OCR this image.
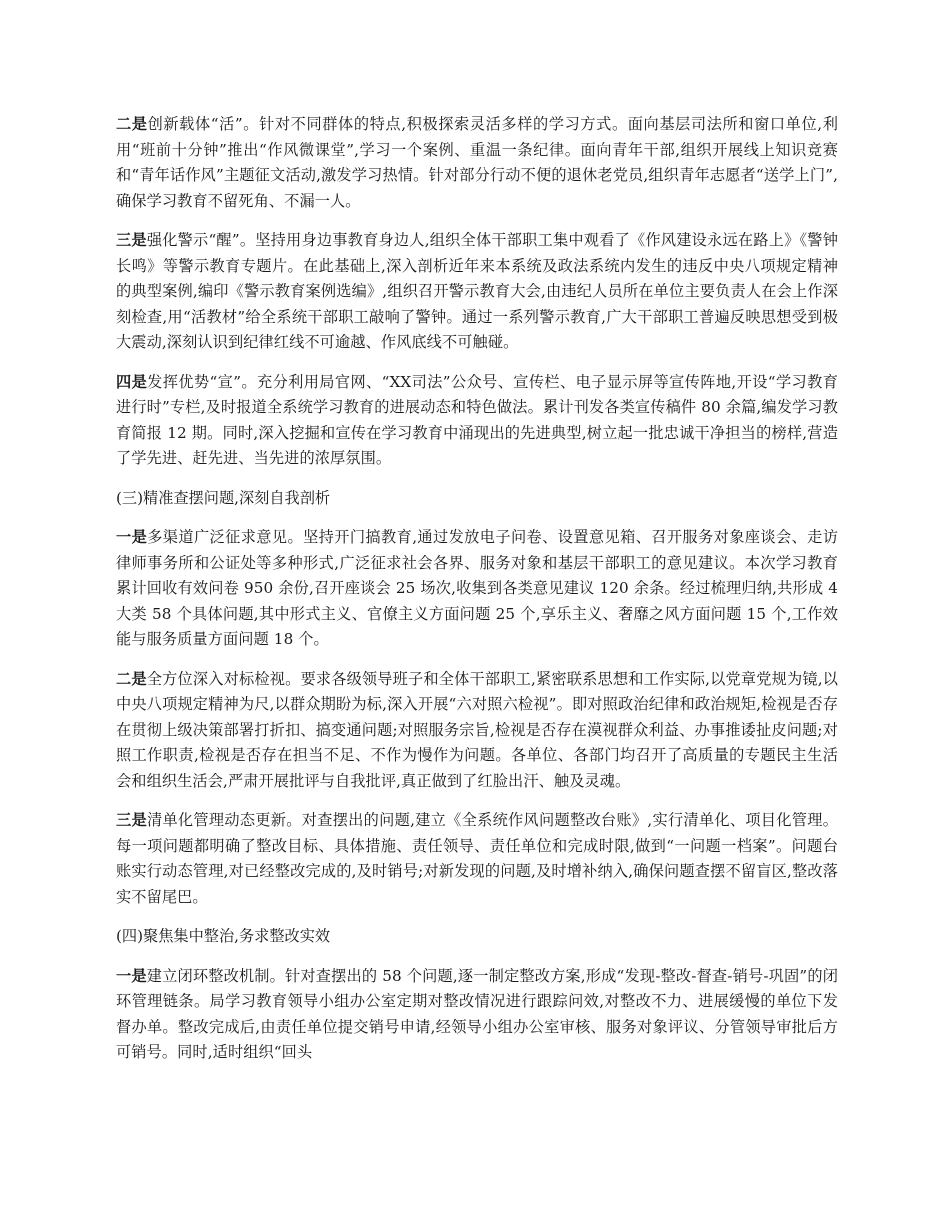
二是创新载体“活”。针对不同群体的特点,积极探索灵活多样的学习方式。面向基层司法所和窗口单位,利用“班前十分钟”推出“作风微课堂”,学习一个案例、重温一条纪律。面向青年干部,组织开展线上知识竞赛和“青年话作风”主题征文活动,激发学习热情。针对部分行动不便的退休老党员,组织青年志愿者“送学上门”,确保学习教育不留死角、不漏一人。

三是强化警示“醒”。坚持用身边事教育身边人,组织全体干部职工集中观看了《作风建设永远在路上》《警钟长鸣》等警示教育专题片。在此基础上,深入剖析近年来本系统及政法系统内发生的违反中央八项规定精神的典型案例,编印《警示教育案例选编》,组织召开警示教育大会,由违纪人员所在单位主要负责人在会上作深刻检查,用“活教材”给全系统干部职工敲响了警钟。通过一系列警示教育,广大干部职工普遍反映思想受到极大震动,深刻认识到纪律红线不可逾越、作风底线不可触碰。

四是发挥优势“宣”。充分利用局官网、“XX司法”公众号、宣传栏、电子显示屏等宣传阵地,开设“学习教育进行时”专栏,及时报道全系统学习教育的进展动态和特色做法。累计刊发各类宣传稿件 80 余篇,编发学习教育简报 12 期。同时,深入挖掘和宣传在学习教育中涌现出的先进典型,树立起一批忠诚干净担当的榜样,营造了学先进、赶先进、当先进的浓厚氛围。

(三)精准查摆问题,深刻自我剖析

一是多渠道广泛征求意见。坚持开门搞教育,通过发放电子问卷、设置意见箱、召开服务对象座谈会、走访律师事务所和公证处等多种形式,广泛征求社会各界、服务对象和基层干部职工的意见建议。本次学习教育累计回收有效问卷 950 余份,召开座谈会 25 场次,收集到各类意见建议 120 余条。经过梳理归纳,共形成 4 大类 58 个具体问题,其中形式主义、官僚主义方面问题 25 个,享乐主义、奢靡之风方面问题 15 个,工作效能与服务质量方面问题 18 个。

二是全方位深入对标检视。要求各级领导班子和全体干部职工,紧密联系思想和工作实际,以党章党规为镜,以中央八项规定精神为尺,以群众期盼为标,深入开展“六对照六检视”。即对照政治纪律和政治规矩,检视是否存在贯彻上级决策部署打折扣、搞变通问题;对照服务宗旨,检视是否存在漠视群众利益、办事推诿扯皮问题;对照工作职责,检视是否存在担当不足、不作为慢作为问题。各单位、各部门均召开了高质量的专题民主生活会和组织生活会,严肃开展批评与自我批评,真正做到了红脸出汗、触及灵魂。

三是清单化管理动态更新。对查摆出的问题,建立《全系统作风问题整改台账》,实行清单化、项目化管理。每一项问题都明确了整改目标、具体措施、责任领导、责任单位和完成时限,做到“一问题一档案”。问题台账实行动态管理,对已经整改完成的,及时销号;对新发现的问题,及时增补纳入,确保问题查摆不留盲区,整改落实不留尾巴。

(四)聚焦集中整治,务求整改实效

一是建立闭环整改机制。针对查摆出的 58 个问题,逐一制定整改方案,形成“发现-整改-督查-销号-巩固”的闭环管理链条。局学习教育领导小组办公室定期对整改情况进行跟踪问效,对整改不力、进展缓慢的单位下发督办单。整改完成后,由责任单位提交销号申请,经领导小组办公室审核、服务对象评议、分管领导审批后方可销号。同时,适时组织“回头
